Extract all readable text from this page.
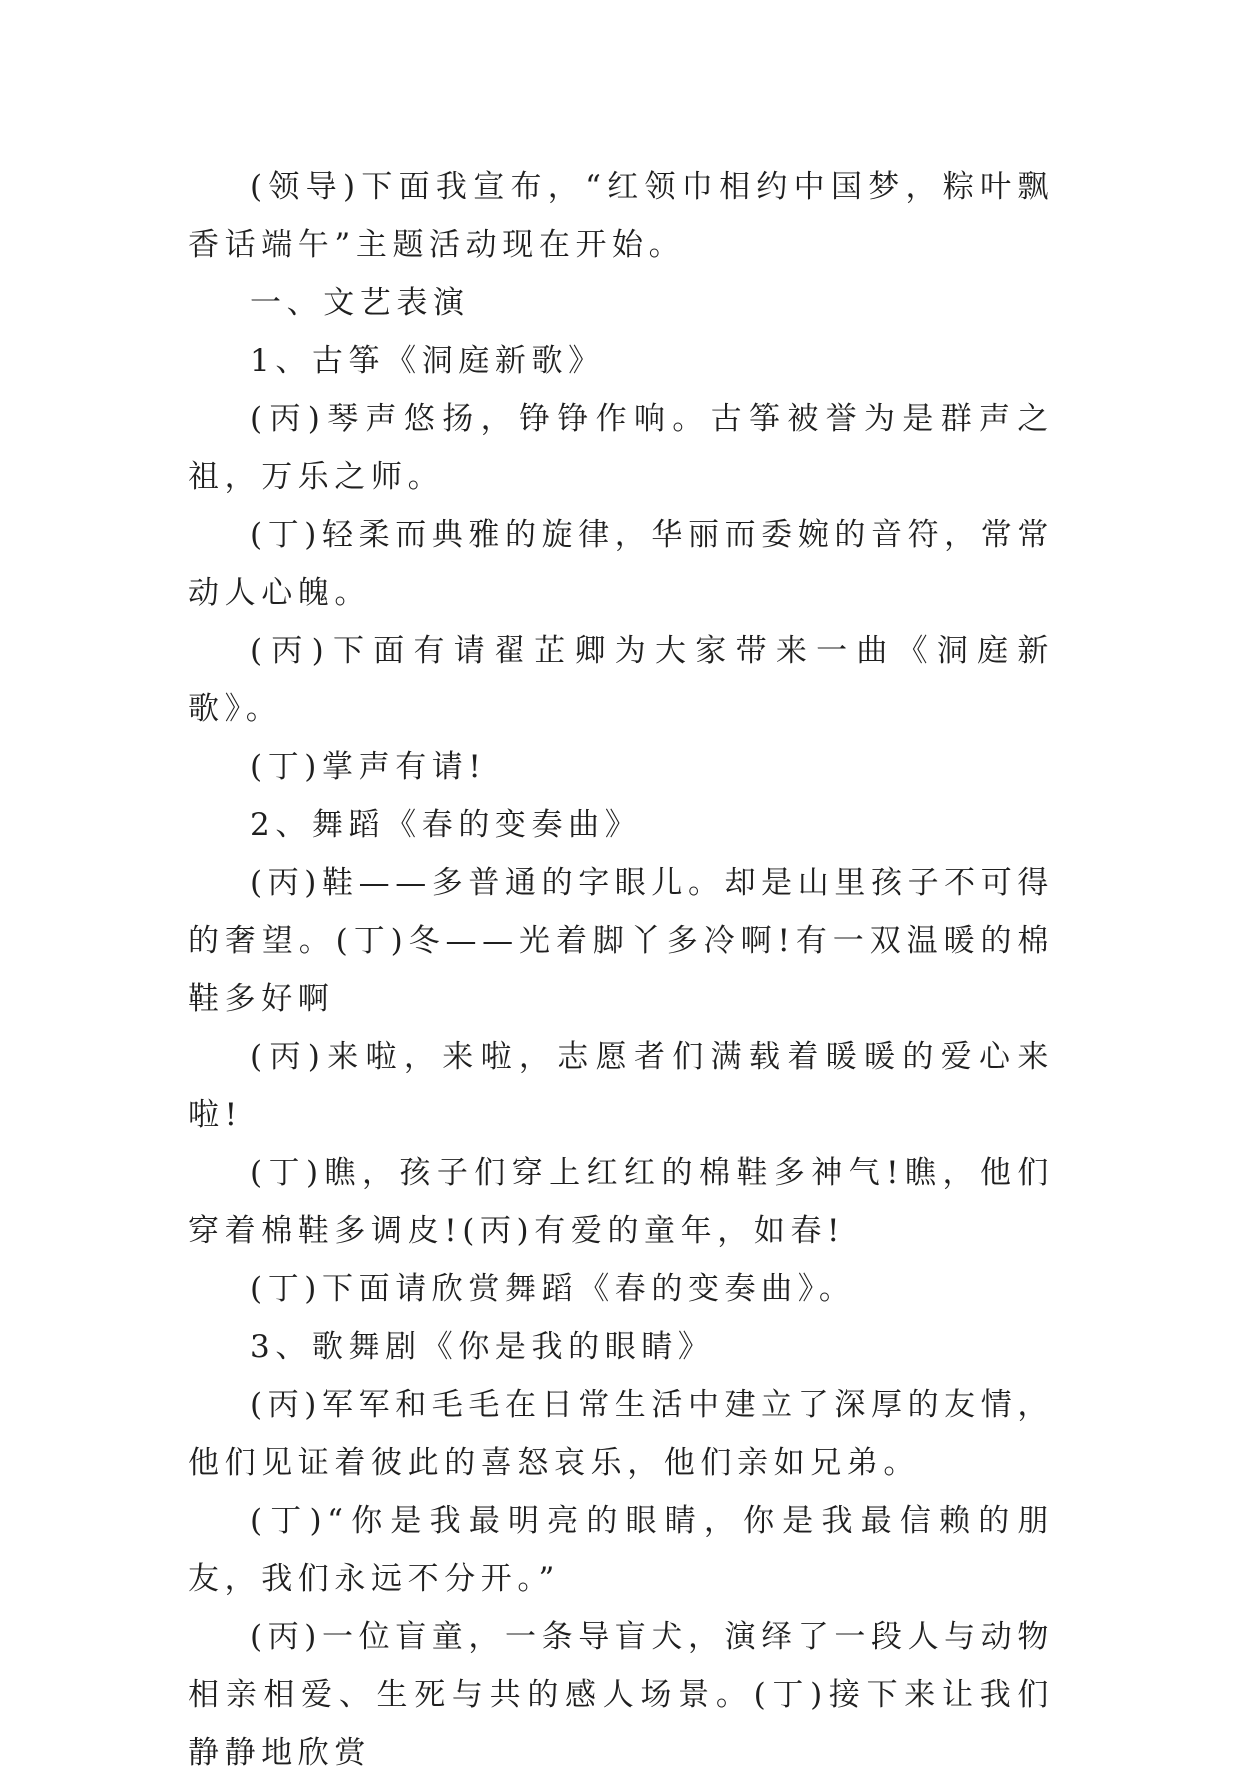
(领导)下面我宣布，“红领巾相约中国梦，粽叶飘香话端午”主题活动现在开始。

一、文艺表演

1、古筝《洞庭新歌》

(丙)琴声悠扬，铮铮作响。古筝被誉为是群声之祖，万乐之师。

(丁)轻柔而典雅的旋律，华丽而委婉的音符，常常动人心魄。

(丙)下面有请翟芷卿为大家带来一曲《洞庭新歌》。

(丁)掌声有请!

2、舞蹈《春的变奏曲》

(丙)鞋——多普通的字眼儿。却是山里孩子不可得的奢望。(丁)冬——光着脚丫多冷啊!有一双温暖的棉鞋多好啊

(丙)来啦，来啦，志愿者们满载着暖暖的爱心来啦!

(丁)瞧，孩子们穿上红红的棉鞋多神气!瞧，他们穿着棉鞋多调皮!(丙)有爱的童年，如春!

(丁)下面请欣赏舞蹈《春的变奏曲》。

3、歌舞剧《你是我的眼睛》

(丙)军军和毛毛在日常生活中建立了深厚的友情，他们见证着彼此的喜怒哀乐，他们亲如兄弟。

(丁)“你是我最明亮的眼睛，你是我最信赖的朋友，我们永远不分开。”

(丙)一位盲童，一条导盲犬，演绎了一段人与动物相亲相爱、生死与共的感人场景。(丁)接下来让我们静静地欣赏
